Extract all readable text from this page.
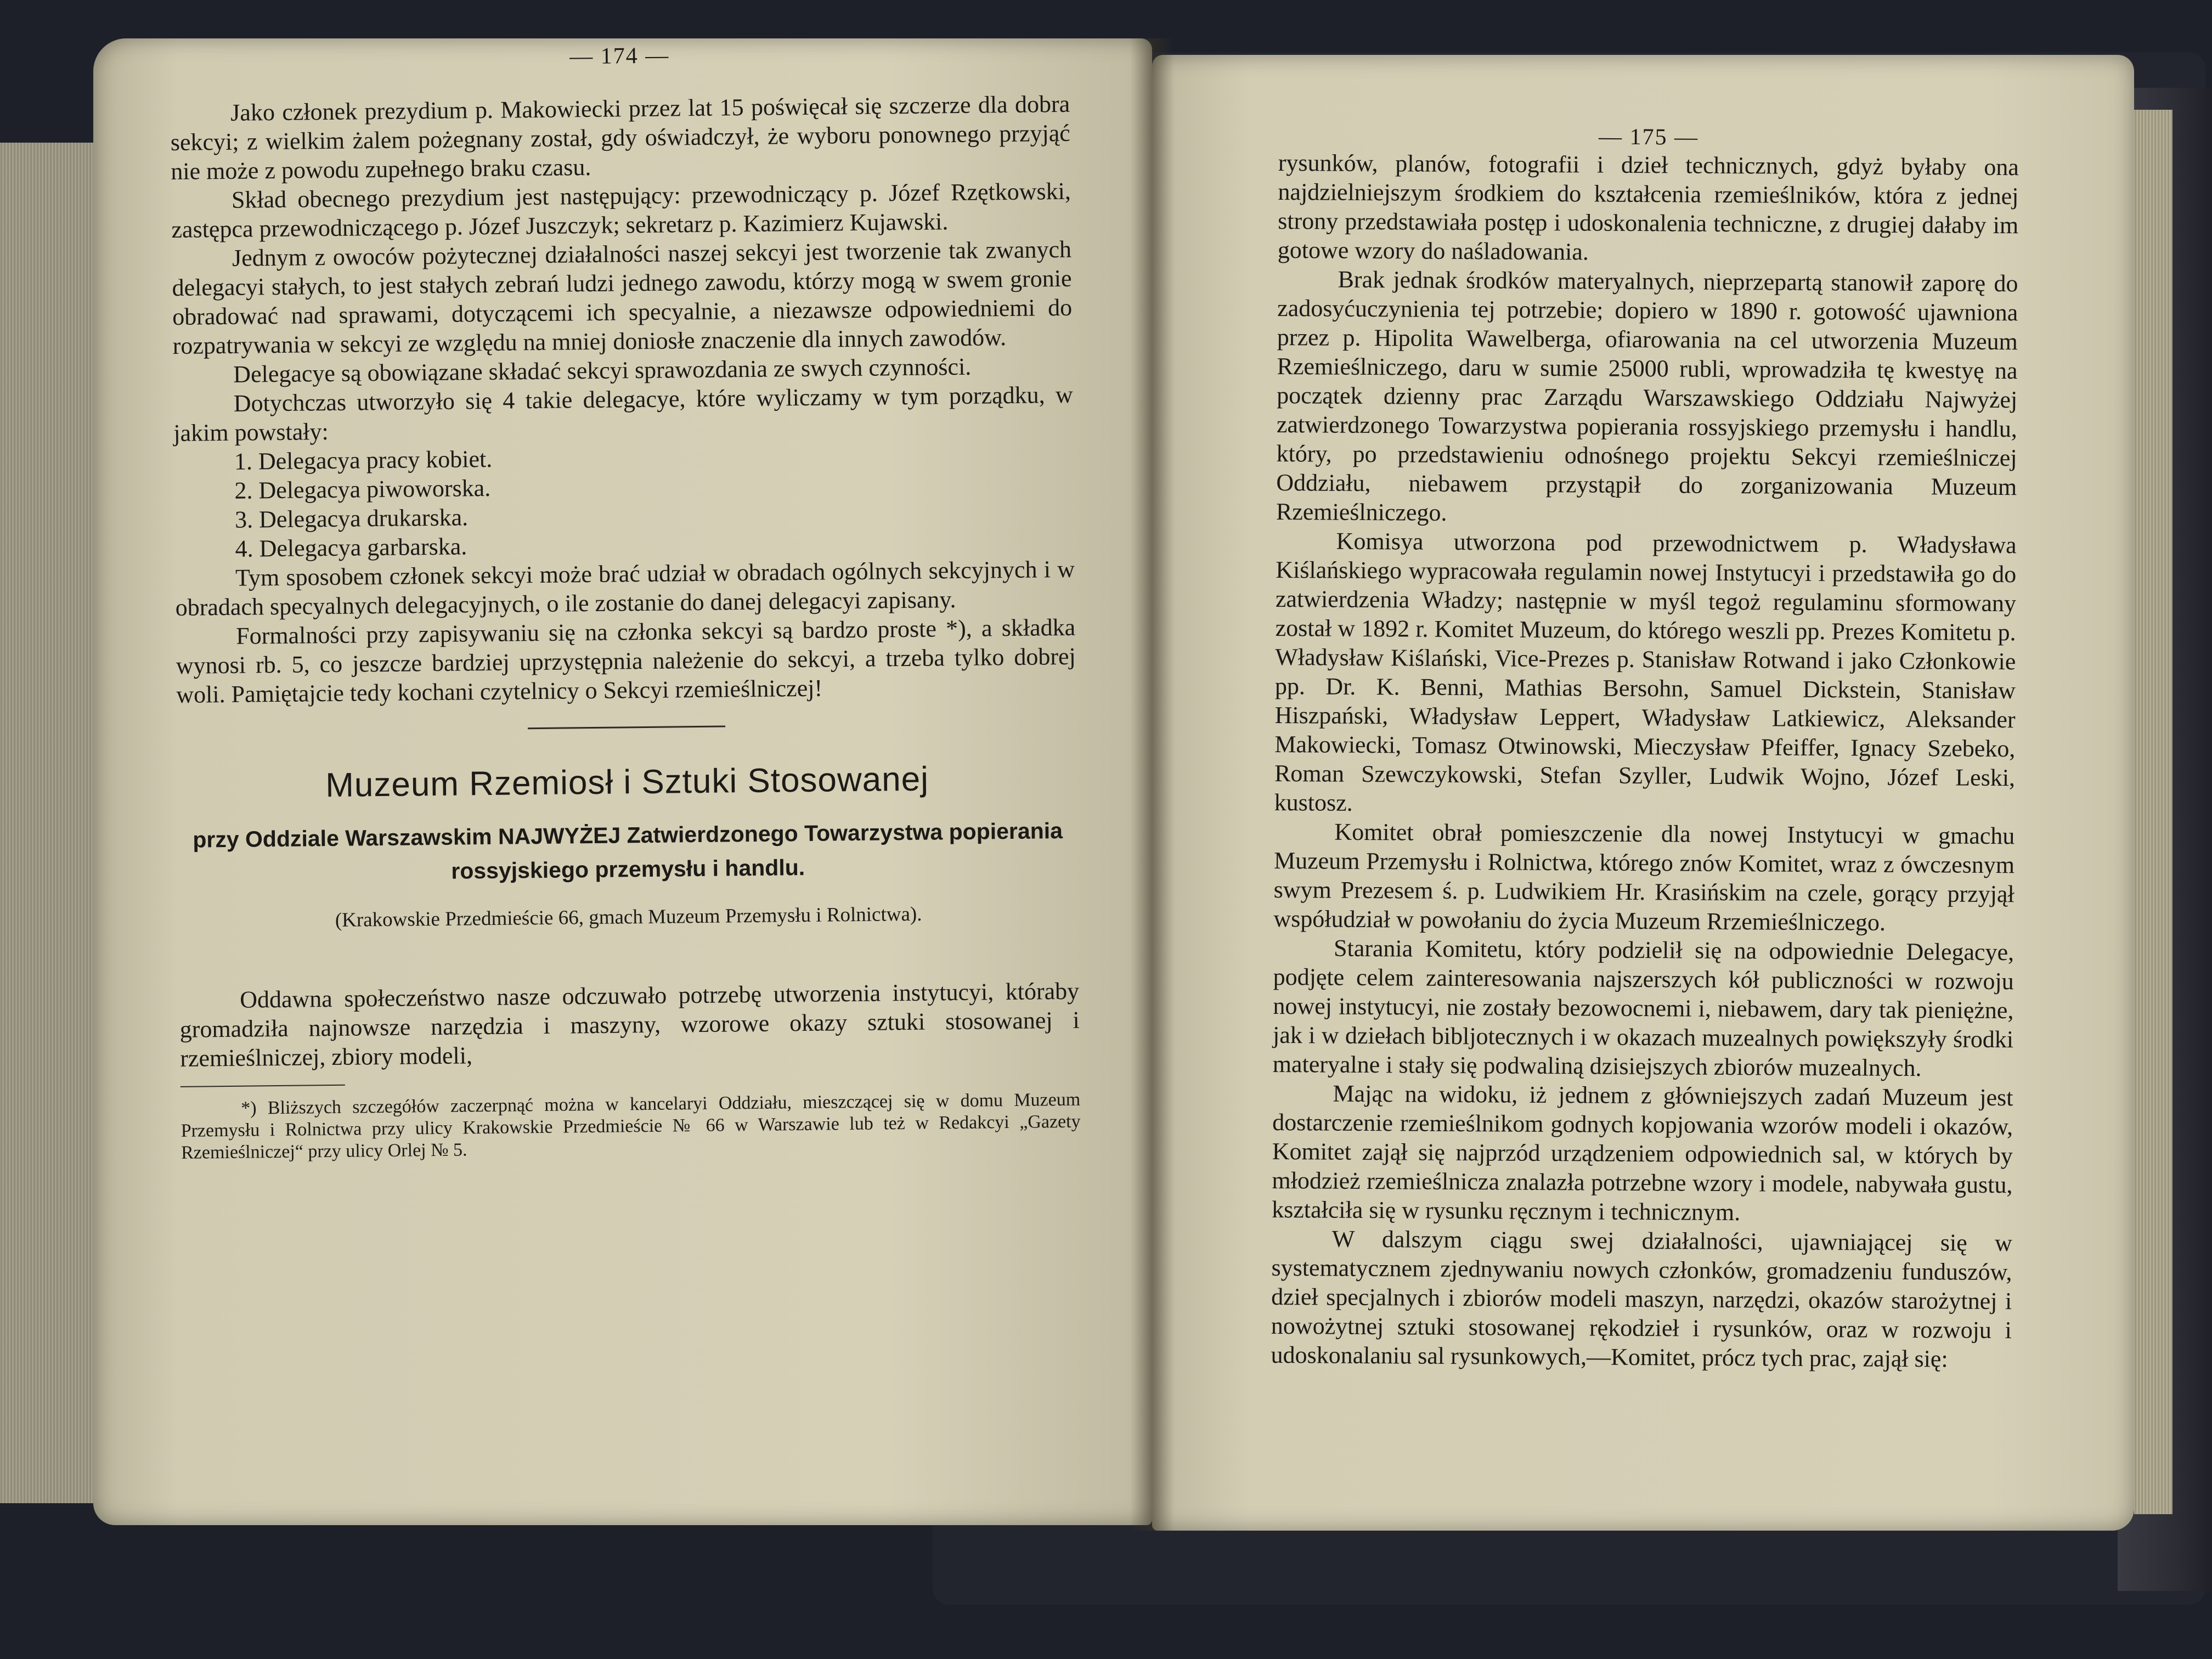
— 174 —

Jako członek prezydium p. Makowiecki przez lat 15 poświęcał się szczerze dla dobra sekcyi; z wielkim żalem pożegnany został, gdy oświadczył, że wyboru ponownego przyjąć nie może z powodu zupełnego braku czasu.

Skład obecnego prezydium jest następujący: przewodniczący p. Józef Rzętkowski, zastępca przewodniczącego p. Józef Juszczyk; sekretarz p. Kazimierz Kujawski.

Jednym z owoców pożytecznej działalności naszej sekcyi jest tworzenie tak zwanych delegacyi stałych, to jest stałych zebrań ludzi jednego zawodu, którzy mogą w swem gronie obradować nad sprawami, dotyczącemi ich specyalnie, a niezawsze odpowiedniemi do rozpatrywania w sekcyi ze względu na mniej doniosłe znaczenie dla innych zawodów.

Delegacye są obowiązane składać sekcyi sprawozdania ze swych czynności.

Dotychczas utworzyło się 4 takie delegacye, które wyliczamy w tym porządku, w jakim powstały:

1. Delegacya pracy kobiet.

2. Delegacya piwoworska.

3. Delegacya drukarska.

4. Delegacya garbarska.

Tym sposobem członek sekcyi może brać udział w obradach ogólnych sekcyjnych i w obradach specyalnych delegacyjnych, o ile zostanie do danej delegacyi zapisany.

Formalności przy zapisywaniu się na członka sekcyi są bardzo proste *), a składka wynosi rb. 5, co jeszcze bardziej uprzystępnia należenie do sekcyi, a trzeba tylko dobrej woli. Pamiętajcie tedy kochani czytelnicy o Sekcyi rzemieślniczej!

Muzeum Rzemiosł i Sztuki Stosowanej

przy Oddziale Warszawskim NAJWYŻEJ Zatwierdzonego Towarzystwa popierania rossyjskiego przemysłu i handlu.

(Krakowskie Przedmieście 66, gmach Muzeum Przemysłu i Rolnictwa).

Oddawna społeczeństwo nasze odczuwało potrzebę utworzenia instytucyi, któraby gromadziła najnowsze narzędzia i maszyny, wzorowe okazy sztuki stosowanej i rzemieślniczej, zbiory modeli,

*) Bliższych szczegółów zaczerpnąć można w kancelaryi Oddziału, mieszczącej się w domu Muzeum Przemysłu i Rolnictwa przy ulicy Krakowskie Przedmieście № 66 w Warszawie lub też w Redakcyi „Gazety Rzemieślniczej“ przy ulicy Orlej № 5.

— 175 —

rysunków, planów, fotografii i dzieł technicznych, gdyż byłaby ona najdzielniejszym środkiem do kształcenia rzemieślników, która z jednej strony przedstawiała postęp i udoskonalenia techniczne, z drugiej dałaby im gotowe wzory do naśladowania.

Brak jednak środków materyalnych, nieprzepartą stanowił zaporę do zadosyćuczynienia tej potrzebie; dopiero w 1890 r. gotowość ujawniona przez p. Hipolita Wawelberga, ofiarowania na cel utworzenia Muzeum Rzemieślniczego, daru w sumie 25000 rubli, wprowadziła tę kwestyę na początek dzienny prac Zarządu Warszawskiego Oddziału Najwyżej zatwierdzonego Towarzystwa popierania rossyjskiego przemysłu i handlu, który, po przedstawieniu odnośnego projektu Sekcyi rzemieślniczej Oddziału, niebawem przystąpił do zorganizowania Muzeum Rzemieślniczego.

Komisya utworzona pod przewodnictwem p. Władysława Kiślańskiego wypracowała regulamin nowej Instytucyi i przedstawiła go do zatwierdzenia Władzy; następnie w myśl tegoż regulaminu sformowany został w 1892 r. Komitet Muzeum, do którego weszli pp. Prezes Komitetu p. Władysław Kiślański, Vice-Prezes p. Stanisław Rotwand i jako Członkowie pp. Dr. K. Benni, Mathias Bersohn, Samuel Dickstein, Stanisław Hiszpański, Władysław Leppert, Władysław Latkiewicz, Aleksander Makowiecki, Tomasz Otwinowski, Mieczysław Pfeiffer, Ignacy Szebeko, Roman Szewczykowski, Stefan Szyller, Ludwik Wojno, Józef Leski, kustosz.

Komitet obrał pomieszczenie dla nowej Instytucyi w gmachu Muzeum Przemysłu i Rolnictwa, którego znów Komitet, wraz z ówczesnym swym Prezesem ś. p. Ludwikiem Hr. Krasińskim na czele, gorący przyjął współudział w powołaniu do życia Muzeum Rrzemieślniczego.

Starania Komitetu, który podzielił się na odpowiednie Delegacye, podjęte celem zainteresowania najszerszych kół publiczności w rozwoju nowej instytucyi, nie zostały bezowocnemi i, niebawem, dary tak pieniężne, jak i w dziełach bibljotecznych i w okazach muzealnych powiększyły środki materyalne i stały się podwaliną dzisiejszych zbiorów muzealnych.

Mając na widoku, iż jednem z główniejszych zadań Muzeum jest dostarczenie rzemieślnikom godnych kopjowania wzorów modeli i okazów, Komitet zajął się najprzód urządzeniem odpowiednich sal, w których by młodzież rzemieślnicza znalazła potrzebne wzory i modele, nabywała gustu, kształciła się w rysunku ręcznym i technicznym.

W dalszym ciągu swej działalności, ujawniającej się w systematycznem zjednywaniu nowych członków, gromadzeniu funduszów, dzieł specjalnych i zbiorów modeli maszyn, narzędzi, okazów starożytnej i nowożytnej sztuki stosowanej rękodzieł i rysunków, oraz w rozwoju i udoskonalaniu sal rysunkowych,—Komitet, prócz tych prac, zajął się:
